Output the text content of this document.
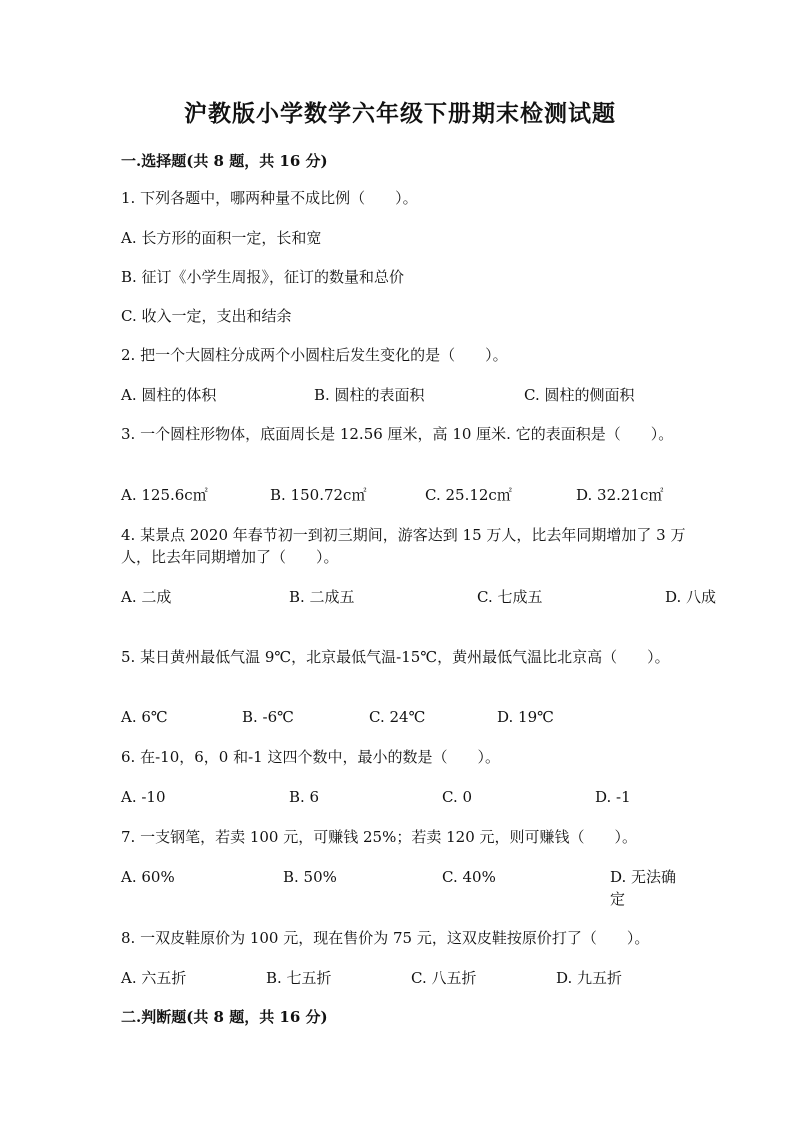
沪教版小学数学六年级下册期末检测试题
一.选择题(共 8 题，共 16 分)
1. 下列各题中，哪两种量不成比例（　　）。
A. 长方形的面积一定，长和宽
B. 征订《小学生周报》，征订的数量和总价
C. 收入一定，支出和结余
2. 把一个大圆柱分成两个小圆柱后发生变化的是（　　）。
A. 圆柱的体积	B. 圆柱的表面积	C. 圆柱的侧面积
3. 一个圆柱形物体，底面周长是 12.56 厘米，高 10 厘米. 它的表面积是（　　）。
A. 125.6c㎡	B. 150.72c㎡	C. 25.12c㎡	D. 32.21c㎡
4. 某景点 2020 年春节初一到初三期间，游客达到 15 万人，比去年同期增加了 3 万人，比去年同期增加了（　　）。
A. 二成	B. 二成五	C. 七成五	D. 八成
5. 某日黄州最低气温 9℃，北京最低气温-15℃，黄州最低气温比北京高（　　）。
A. 6℃	B. -6℃	C. 24℃	D. 19℃
6. 在-10，6，0 和-1 这四个数中，最小的数是（　　）。
A. -10	B. 6	C. 0	D. -1
7. 一支钢笔，若卖 100 元，可赚钱 25%；若卖 120 元，则可赚钱（　　）。
A. 60%	B. 50%	C. 40%	D. 无法确定
8. 一双皮鞋原价为 100 元，现在售价为 75 元，这双皮鞋按原价打了（　　）。
A. 六五折	B. 七五折	C. 八五折	D. 九五折
二.判断题(共 8 题，共 16 分)
